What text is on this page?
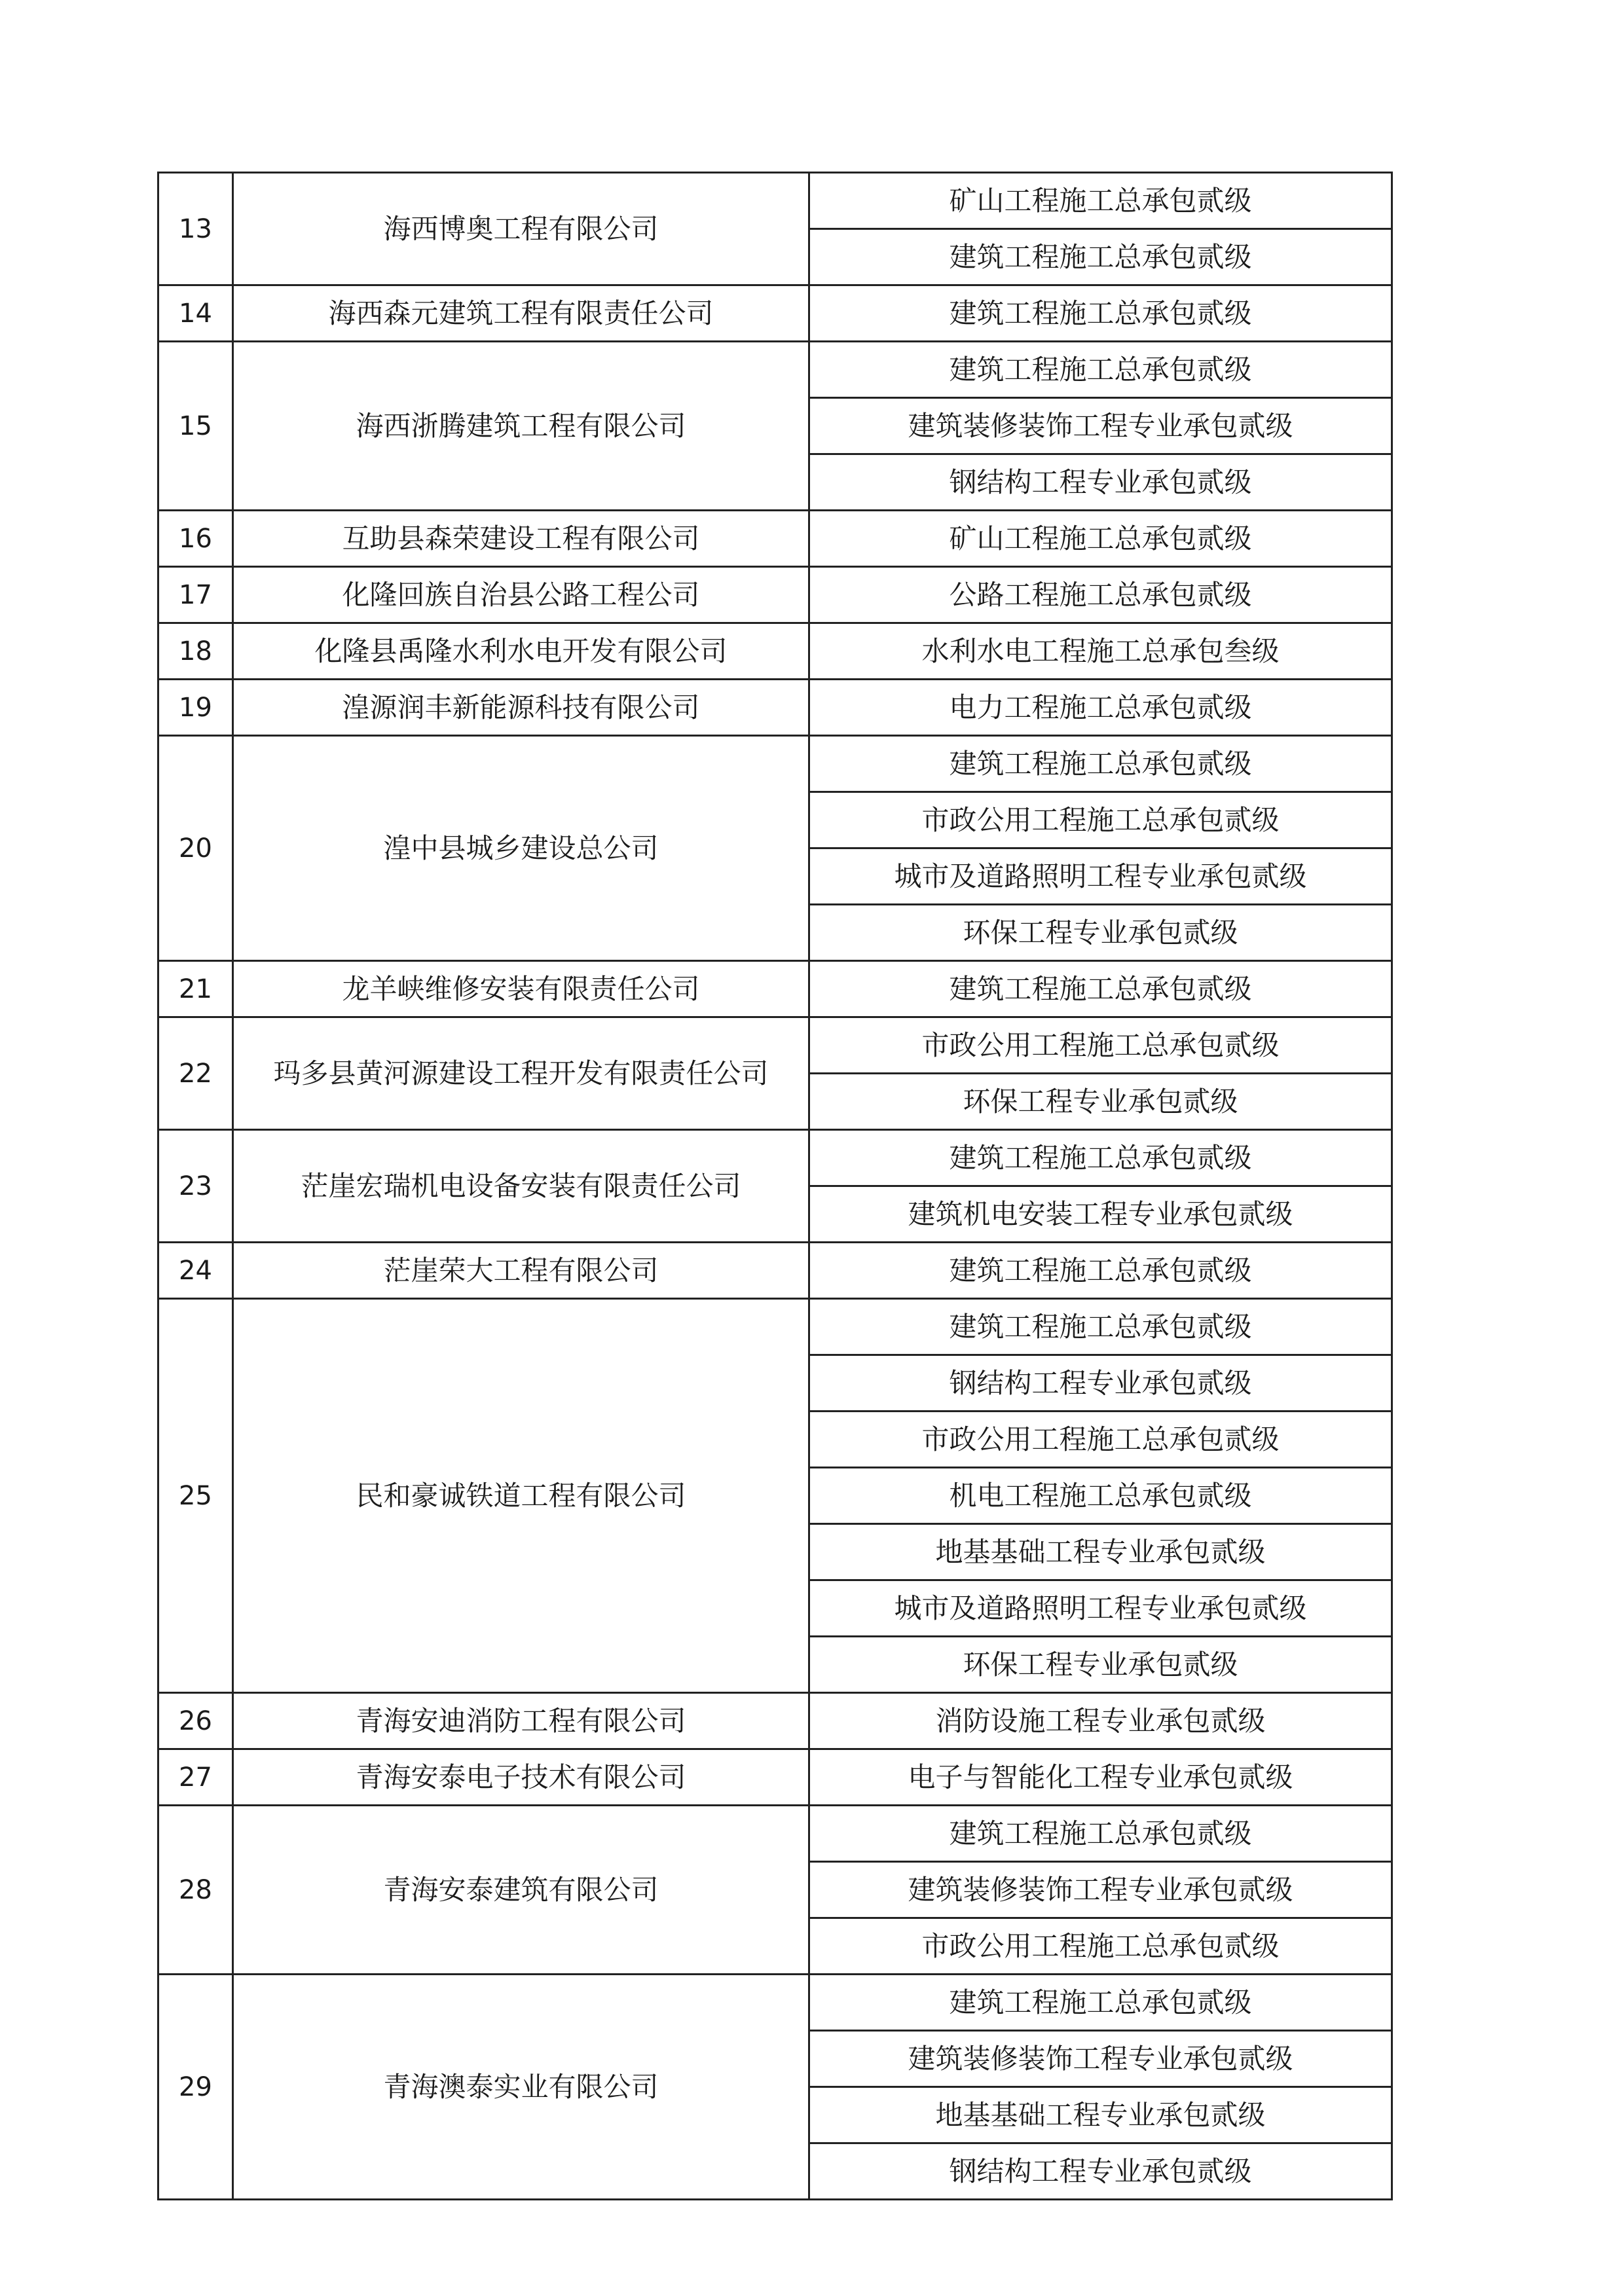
13	海西博奥工程有限公司	矿山工程施工总承包贰级
		建筑工程施工总承包贰级
14	海西森元建筑工程有限责任公司	建筑工程施工总承包贰级
15	海西浙腾建筑工程有限公司	建筑工程施工总承包贰级
		建筑装修装饰工程专业承包贰级
		钢结构工程专业承包贰级
16	互助县森荣建设工程有限公司	矿山工程施工总承包贰级
17	化隆回族自治县公路工程公司	公路工程施工总承包贰级
18	化隆县禹隆水利水电开发有限公司	水利水电工程施工总承包叁级
19	湟源润丰新能源科技有限公司	电力工程施工总承包贰级
20	湟中县城乡建设总公司	建筑工程施工总承包贰级
		市政公用工程施工总承包贰级
		城市及道路照明工程专业承包贰级
		环保工程专业承包贰级
21	龙羊峡维修安装有限责任公司	建筑工程施工总承包贰级
22	玛多县黄河源建设工程开发有限责任公司	市政公用工程施工总承包贰级
		环保工程专业承包贰级
23	茫崖宏瑞机电设备安装有限责任公司	建筑工程施工总承包贰级
		建筑机电安装工程专业承包贰级
24	茫崖荣大工程有限公司	建筑工程施工总承包贰级
25	民和豪诚铁道工程有限公司	建筑工程施工总承包贰级
		钢结构工程专业承包贰级
		市政公用工程施工总承包贰级
		机电工程施工总承包贰级
		地基基础工程专业承包贰级
		城市及道路照明工程专业承包贰级
		环保工程专业承包贰级
26	青海安迪消防工程有限公司	消防设施工程专业承包贰级
27	青海安泰电子技术有限公司	电子与智能化工程专业承包贰级
28	青海安泰建筑有限公司	建筑工程施工总承包贰级
		建筑装修装饰工程专业承包贰级
		市政公用工程施工总承包贰级
29	青海澳泰实业有限公司	建筑工程施工总承包贰级
		建筑装修装饰工程专业承包贰级
		地基基础工程专业承包贰级
		钢结构工程专业承包贰级
